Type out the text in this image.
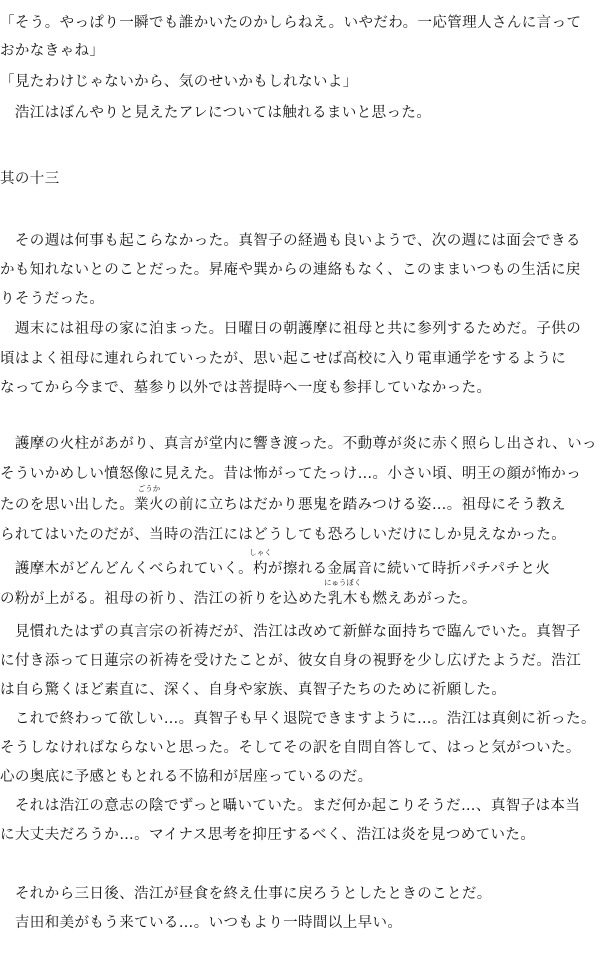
「そう。やっぱり一瞬でも誰かいたのかしらねえ。いやだわ。一応管理人さんに言って
おかなきゃね」
「見たわけじゃないから、気のせいかもしれないよ」
　浩江はぼんやりと見えたアレについては触れるまいと思った。
其の十三
　その週は何事も起こらなかった。真智子の経過も良いようで、次の週には面会できる
かも知れないとのことだった。昇庵や巽からの連絡もなく、このままいつもの生活に戻
りそうだった。
　週末には祖母の家に泊まった。日曜日の朝護摩に祖母と共に参列するためだ。子供の
頃はよく祖母に連れられていったが、思い起こせば高校に入り電車通学をするように
なってから今まで、墓参り以外では菩提時へ一度も参拝していなかった。
　護摩の火柱があがり、真言が堂内に響き渡った。不動尊が炎に赤く照らし出され、いっ
そういかめしい憤怒像に見えた。昔は怖がってたっけ…。小さい頃、明王の顔が怖かっ
たのを思い出した。業火
ごうか
の前に立ちはだかり悪鬼を踏みつける姿…。祖母にそう教え
られてはいたのだが、当時の浩江にはどうしても恐ろしいだけにしか見えなかった。
　護摩木がどんどんくべられていく。杓
しゃく
が擦れる金属音に続いて時折パチパチと火
の粉が上がる。祖母の祈り、浩江の祈りを込めた乳木
にゅうぼく
も燃えあがった。
　見慣れたはずの真言宗の祈祷だが、浩江は改めて新鮮な面持ちで臨んでいた。真智子
に付き添って日蓮宗の祈祷を受けたことが、彼女自身の視野を少し広げたようだ。浩江
は自ら驚くほど素直に、深く、自身や家族、真智子たちのために祈願した。
　これで終わって欲しい…。真智子も早く退院できますように…。浩江は真剣に祈った。
そうしなければならないと思った。そしてその訳を自問自答して、はっと気がついた。
心の奥底に予感ともとれる不協和が居座っているのだ。
　それは浩江の意志の陰でずっと囁いていた。まだ何か起こりそうだ…、真智子は本当
に大丈夫だろうか…。マイナス思考を抑圧するべく、浩江は炎を見つめていた。
　それから三日後、浩江が昼食を終え仕事に戻ろうとしたときのことだ。
　吉田和美がもう来ている…。いつもより一時間以上早い。
